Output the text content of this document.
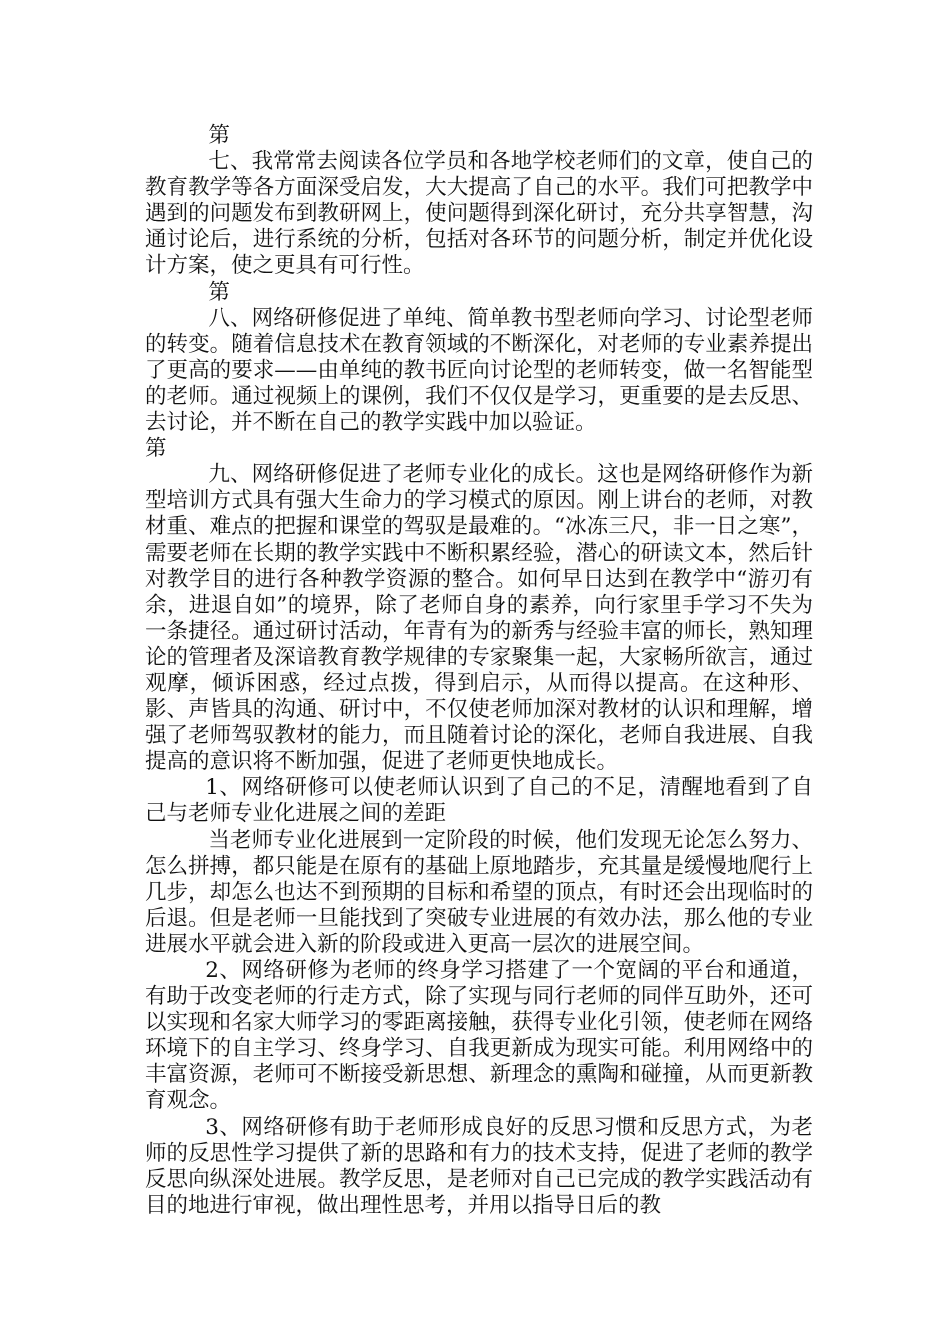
第

七、我常常去阅读各位学员和各地学校老师们的文章，使自己的教育教学等各方面深受启发，大大提高了自己的水平。我们可把教学中遇到的问题发布到教研网上，使问题得到深化研讨，充分共享智慧，沟通讨论后，进行系统的分析，包括对各环节的问题分析，制定并优化设计方案，使之更具有可行性。

第

八、网络研修促进了单纯、简单教书型老师向学习、讨论型老师的转变。随着信息技术在教育领域的不断深化，对老师的专业素养提出了更高的要求——由单纯的教书匠向讨论型的老师转变，做一名智能型的老师。通过视频上的课例，我们不仅仅是学习，更重要的是去反思、去讨论，并不断在自己的教学实践中加以验证。

第

九、网络研修促进了老师专业化的成长。这也是网络研修作为新型培训方式具有强大生命力的学习模式的原因。刚上讲台的老师，对教材重、难点的把握和课堂的驾驭是最难的。“冰冻三尺，非一日之寒”，需要老师在长期的教学实践中不断积累经验，潜心的研读文本，然后针对教学目的进行各种教学资源的整合。如何早日达到在教学中“游刃有余，进退自如”的境界，除了老师自身的素养，向行家里手学习不失为一条捷径。通过研讨活动，年青有为的新秀与经验丰富的师长，熟知理论的管理者及深谙教育教学规律的专家聚集一起，大家畅所欲言，通过观摩，倾诉困惑，经过点拨，得到启示，从而得以提高。在这种形、影、声皆具的沟通、研讨中，不仅使老师加深对教材的认识和理解，增强了老师驾驭教材的能力，而且随着讨论的深化，老师自我进展、自我提高的意识将不断加强，促进了老师更快地成长。

1、网络研修可以使老师认识到了自己的不足，清醒地看到了自己与老师专业化进展之间的差距

当老师专业化进展到一定阶段的时候，他们发现无论怎么努力、怎么拼搏，都只能是在原有的基础上原地踏步，充其量是缓慢地爬行上几步，却怎么也达不到预期的目标和希望的顶点，有时还会出现临时的后退。但是老师一旦能找到了突破专业进展的有效办法，那么他的专业进展水平就会进入新的阶段或进入更高一层次的进展空间。

2、网络研修为老师的终身学习搭建了一个宽阔的平台和通道，有助于改变老师的行走方式，除了实现与同行老师的同伴互助外，还可以实现和名家大师学习的零距离接触，获得专业化引领，使老师在网络环境下的自主学习、终身学习、自我更新成为现实可能。利用网络中的丰富资源，老师可不断接受新思想、新理念的熏陶和碰撞，从而更新教育观念。

3、网络研修有助于老师形成良好的反思习惯和反思方式，为老师的反思性学习提供了新的思路和有力的技术支持，促进了老师的教学反思向纵深处进展。教学反思，是老师对自己已完成的教学实践活动有目的地进行审视，做出理性思考，并用以指导日后的教
